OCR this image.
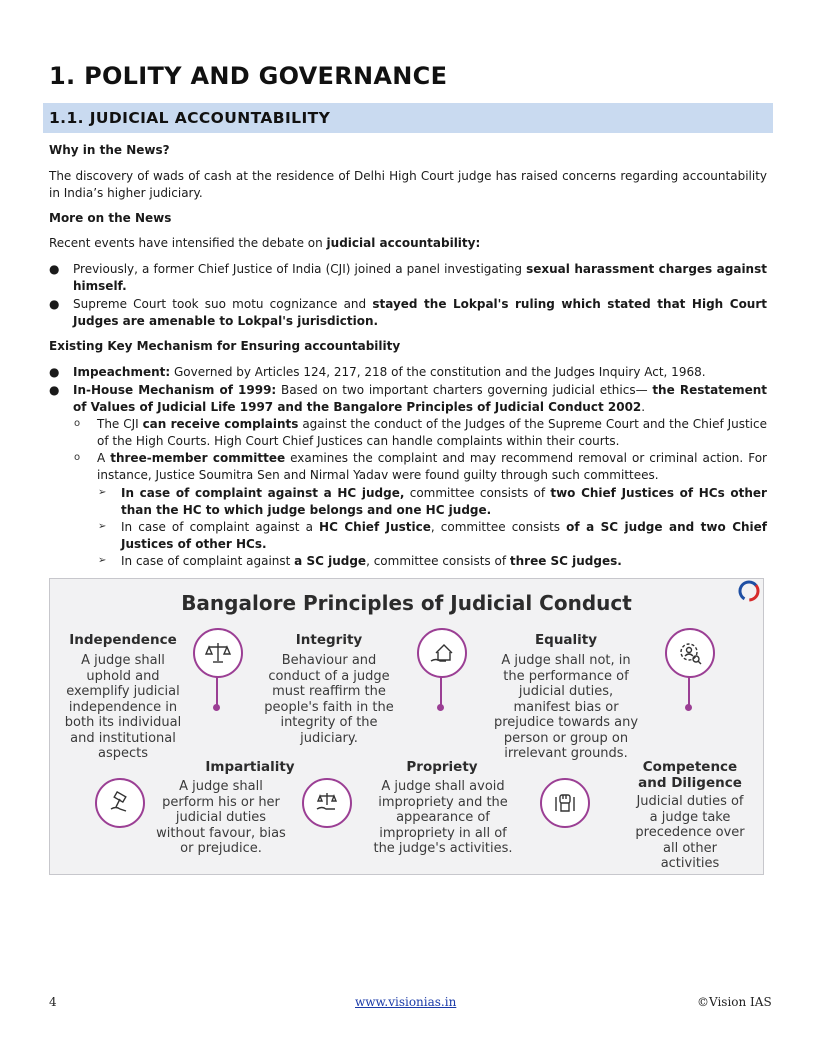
1. POLITY AND GOVERNANCE
1.1. JUDICIAL ACCOUNTABILITY
Why in the News?
The discovery of wads of cash at the residence of Delhi High Court judge has raised concerns regarding accountability in India’s higher judiciary.
More on the News
Recent events have intensified the debate on judicial accountability:
● Previously, a former Chief Justice of India (CJI) joined a panel investigating sexual harassment charges against himself.
● Supreme Court took suo motu cognizance and stayed the Lokpal's ruling which stated that High Court Judges are amenable to Lokpal's jurisdiction.
Existing Key Mechanism for Ensuring accountability
● Impeachment: Governed by Articles 124, 217, 218 of the constitution and the Judges Inquiry Act, 1968.
● In-House Mechanism of 1999: Based on two important charters governing judicial ethics— the Restatement of Values of Judicial Life 1997 and the Bangalore Principles of Judicial Conduct 2002.
o The CJI can receive complaints against the conduct of the Judges of the Supreme Court and the Chief Justice of the High Courts. High Court Chief Justices can handle complaints within their courts.
o A three-member committee examines the complaint and may recommend removal or criminal action. For instance, Justice Soumitra Sen and Nirmal Yadav were found guilty through such committees.
➢ In case of complaint against a HC judge, committee consists of two Chief Justices of HCs other than the HC to which judge belongs and one HC judge.
➢ In case of complaint against a HC Chief Justice, committee consists of a SC judge and two Chief Justices of other HCs.
➢ In case of complaint against a SC judge, committee consists of three SC judges.
Bangalore Principles of Judicial Conduct
Independence
A judge shall uphold and exemplify judicial independence in both its individual and institutional aspects
Integrity
Behaviour and conduct of a judge must reaffirm the people's faith in the integrity of the judiciary.
Equality
A judge shall not, in the performance of judicial duties, manifest bias or prejudice towards any person or group on irrelevant grounds.
Impartiality
A judge shall perform his or her judicial duties without favour, bias or prejudice.
Propriety
A judge shall avoid impropriety and the appearance of impropriety in all of the judge's activities.
Competence and Diligence
Judicial duties of a judge take precedence over all other activities
4	www.visionias.in	©Vision IAS
